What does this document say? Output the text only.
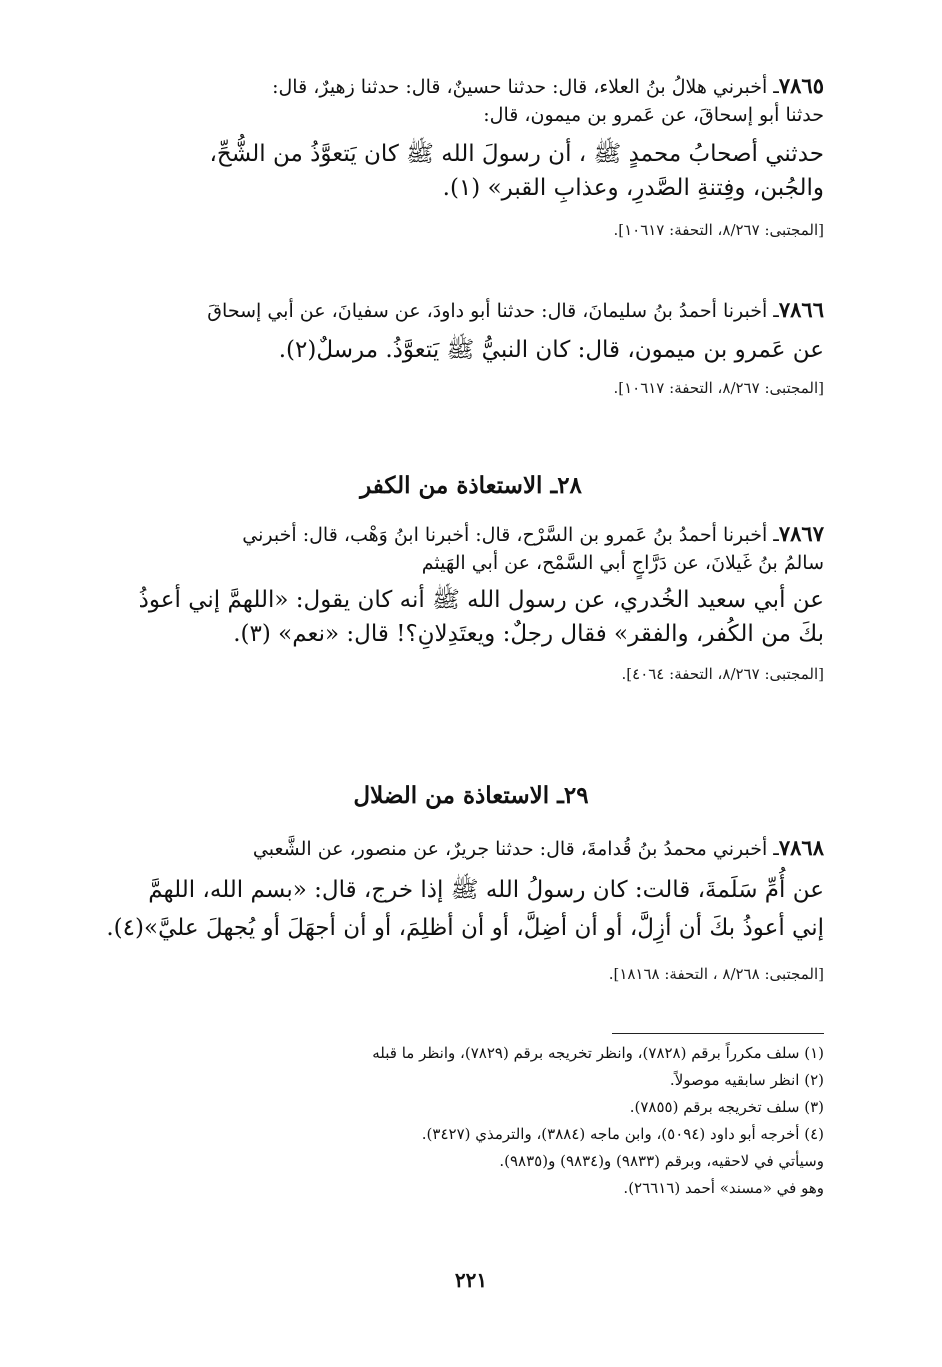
٧٨٦٥ـ أخبرني هلالُ بنُ العلاء، قال: حدثنا حسينٌ، قال: حدثنا زهيرٌ، قال:
حدثنا أبو إسحاقَ، عن عَمرو بن ميمون، قال:
حدثني أصحابُ محمدٍ ﷺ ، أن رسولَ الله ﷺ كان يَتعوَّذُ من الشُّحِّ،
والجُبن، وفِتنةِ الصَّدرِ، وعذابِ القبر» (١).
[المجتبى: ٨/٢٦٧، التحفة: ١٠٦١٧].
٧٨٦٦ـ أخبرنا أحمدُ بنُ سليمانَ، قال: حدثنا أبو داودَ، عن سفيانَ، عن أبي إسحاقَ
عن عَمرو بن ميمون، قال: كان النبيُّ ﷺ يَتعوَّذُ. مرسلٌ(٢).
[المجتبى: ٨/٢٦٧، التحفة: ١٠٦١٧].
٢٨ـ الاستعاذة من الكفر
٧٨٦٧ـ أخبرنا أحمدُ بنُ عَمرو بن السَّرْح، قال: أخبرنا ابنُ وَهْب، قال: أخبرني
سالمُ بنُ غَيلانَ، عن دَرَّاجٍ أبي السَّمْح، عن أبي الهَيثم
عن أبي سعيد الخُدري، عن رسول الله ﷺ أنه كان يقول: «اللهمَّ إني أعوذُ
بكَ من الكُفر، والفقر» فقال رجلٌ: ويعتَدِلانِ؟! قال: «نعم» (٣).
[المجتبى: ٨/٢٦٧، التحفة: ٤٠٦٤].
٢٩ـ الاستعاذة من الضلال
٧٨٦٨ـ أخبرني محمدُ بنُ قُدامةَ، قال: حدثنا جريرٌ، عن منصور، عن الشَّعبي
عن أُمِّ سَلَمةَ، قالت: كان رسولُ الله ﷺ إذا خرج، قال: «بسم الله، اللهمَّ
إني أعوذُ بكَ أن أزِلَّ، أو أن أضِلَّ، أو أن أظلِمَ، أو أن أجهَلَ أو يُجهلَ عليَّ»(٤).
[المجتبى: ٨/٢٦٨ ، التحفة: ١٨١٦٨].
(١) سلف مكرراً برقم (٧٨٢٨)، وانظر تخريجه برقم (٧٨٢٩)، وانظر ما قبله
(٢) انظر سابقيه موصولاً.
(٣) سلف تخريجه برقم (٧٨٥٥).
(٤) أخرجه أبو داود (٥٠٩٤)، وابن ماجه (٣٨٨٤)، والترمذي (٣٤٢٧).
وسيأتي في لاحقيه، وبرقم (٩٨٣٣) و(٩٨٣٤) و(٩٨٣٥).
وهو في «مسند» أحمد (٢٦٦١٦).
٢٢١
